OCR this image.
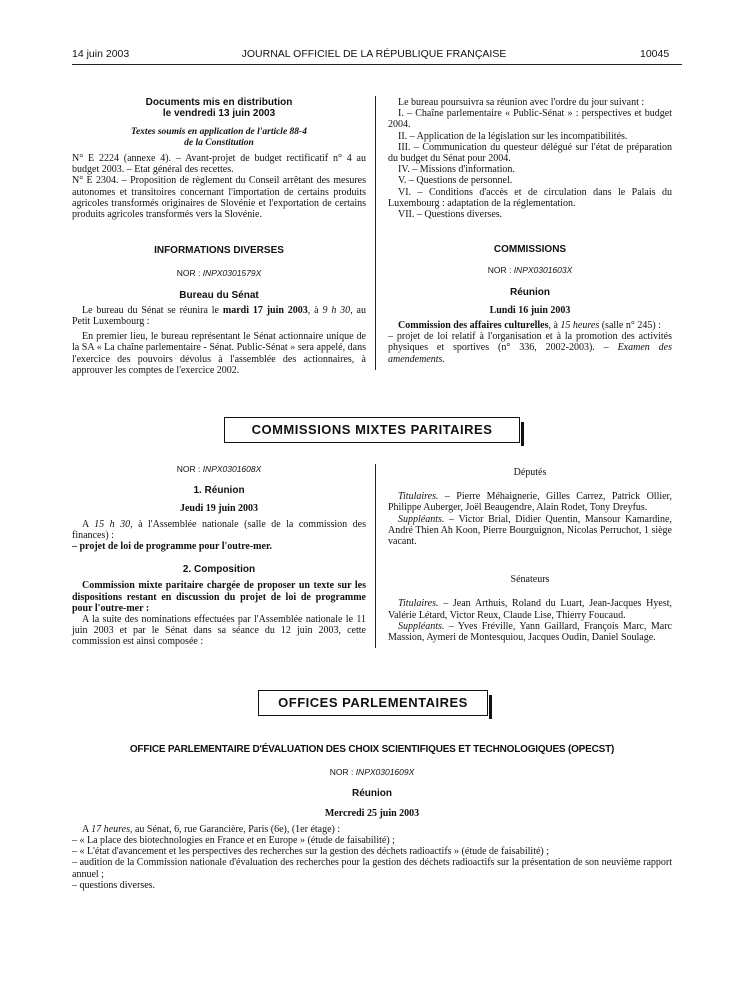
14 juin 2003	JOURNAL OFFICIEL DE LA RÉPUBLIQUE FRANÇAISE	10045
Documents mis en distribution
le vendredi 13 juin 2003
Textes soumis en application de l'article 88-4
de la Constitution

N° E 2224 (annexe 4). – Avant-projet de budget rectificatif n° 4 au budget 2003. – Etat général des recettes.

N° E 2304. – Proposition de règlement du Conseil arrêtant des mesures autonomes et transitoires concernant l'importation de certains produits agricoles transformés originaires de Slovénie et l'exportation de certains produits agricoles transformés vers la Slovénie.

INFORMATIONS DIVERSES
NOR : INPX0301579X
Bureau du Sénat

Le bureau du Sénat se réunira le mardi 17 juin 2003, à 9 h 30, au Petit Luxembourg :

En premier lieu, le bureau représentant le Sénat actionnaire unique de la SA « La chaîne parlementaire - Sénat. Public-Sénat » sera appelé, dans l'exercice des pouvoirs dévolus à l'assemblée des actionnaires, à approuver les comptes de l'exercice 2002.

Le bureau poursuivra sa réunion avec l'ordre du jour suivant :

I. – Chaîne parlementaire « Public-Sénat » : perspectives et budget 2004.

II. – Application de la législation sur les incompatibilités.

III. – Communication du questeur délégué sur l'état de préparation du budget du Sénat pour 2004.

IV. – Missions d'information.

V. – Questions de personnel.

VI. – Conditions d'accès et de circulation dans le Palais du Luxembourg : adaptation de la réglementation.

VII. – Questions diverses.

COMMISSIONS
NOR : INPX0301603X
Réunion
Lundi 16 juin 2003

Commission des affaires culturelles, à 15 heures (salle n° 245) :

– projet de loi relatif à l'organisation et à la promotion des activités physiques et sportives (n° 336, 2002-2003). – Examen des amendements.

COMMISSIONS MIXTES PARITAIRES
NOR : INPX0301608X
1. Réunion
Jeudi 19 juin 2003

A 15 h 30, à l'Assemblée nationale (salle de la commission des finances) :

– projet de loi de programme pour l'outre-mer.

2. Composition

Commission mixte paritaire chargée de proposer un texte sur les dispositions restant en discussion du projet de loi de programme pour l'outre-mer :

A la suite des nominations effectuées par l'Assemblée nationale le 11 juin 2003 et par le Sénat dans sa séance du 12 juin 2003, cette commission est ainsi composée :

Députés

Titulaires. – Pierre Méhaignerie, Gilles Carrez, Patrick Ollier, Philippe Auberger, Joël Beaugendre, Alain Rodet, Tony Dreyfus.

Suppléants. – Victor Brial, Didier Quentin, Mansour Kamardine, André Thien Ah Koon, Pierre Bourguignon, Nicolas Perruchot, 1 siège vacant.

Sénateurs

Titulaires. – Jean Arthuis, Roland du Luart, Jean-Jacques Hyest, Valérie Létard, Victor Reux, Claude Lise, Thierry Foucaud.

Suppléants. – Yves Fréville, Yann Gaillard, François Marc, Marc Massion, Aymeri de Montesquiou, Jacques Oudin, Daniel Soulage.

OFFICES PARLEMENTAIRES
OFFICE PARLEMENTAIRE D'ÉVALUATION DES CHOIX SCIENTIFIQUES ET TECHNOLOGIQUES (OPECST)
NOR : INPX0301609X
Réunion
Mercredi 25 juin 2003

A 17 heures, au Sénat, 6, rue Garancière, Paris (6e), (1er étage) :

– « La place des biotechnologies en France et en Europe » (étude de faisabilité) ;

– « L'état d'avancement et les perspectives des recherches sur la gestion des déchets radioactifs » (étude de faisabilité) ;

– audition de la Commission nationale d'évaluation des recherches pour la gestion des déchets radioactifs sur la présentation de son neuvième rapport annuel ;

– questions diverses.
